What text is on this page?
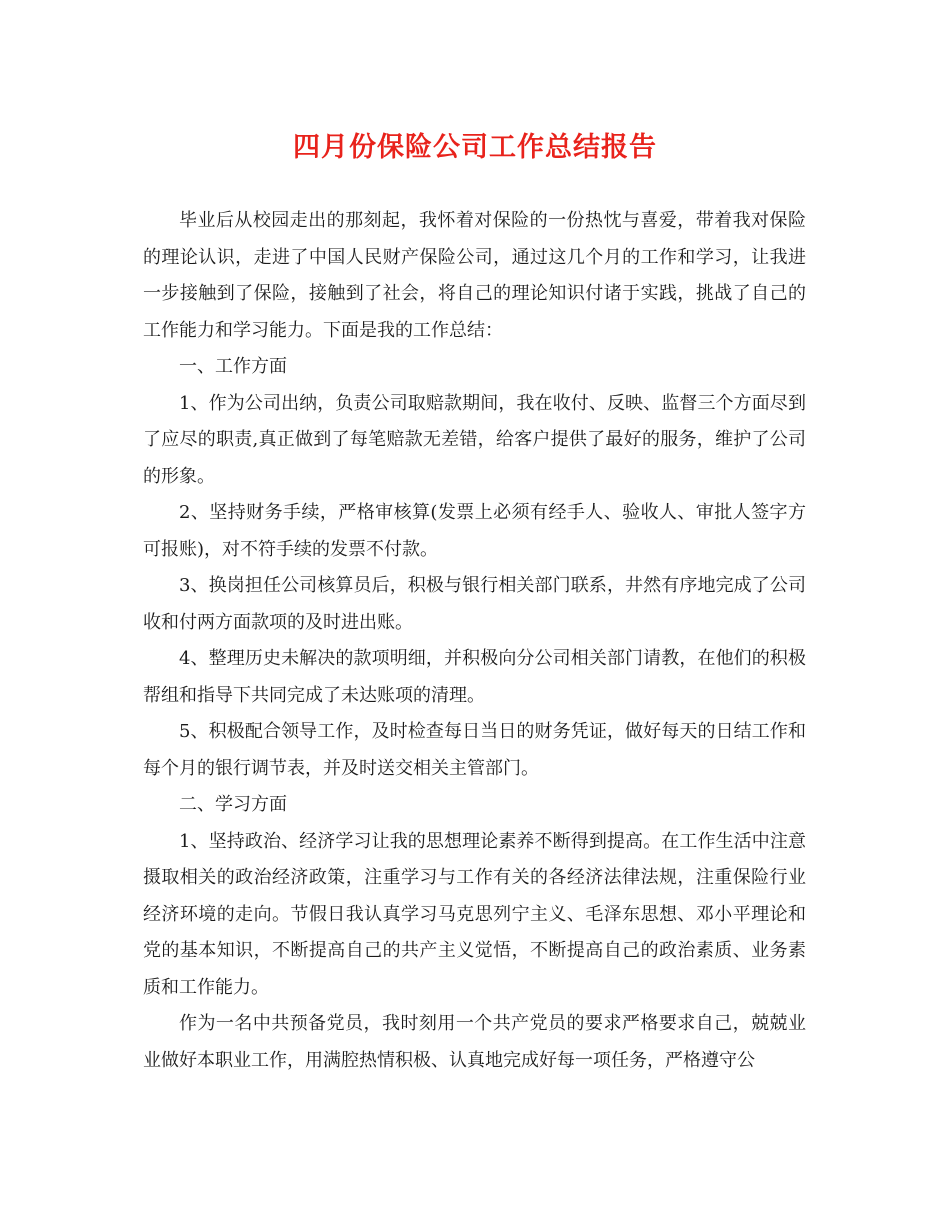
四月份保险公司工作总结报告

毕业后从校园走出的那刻起，我怀着对保险的一份热忱与喜爱，带着我对保险的理论认识，走进了中国人民财产保险公司，通过这几个月的工作和学习，让我进一步接触到了保险，接触到了社会，将自己的理论知识付诸于实践，挑战了自己的工作能力和学习能力。下面是我的工作总结：

一、工作方面

1、作为公司出纳，负责公司取赔款期间，我在收付、反映、监督三个方面尽到了应尽的职责,真正做到了每笔赔款无差错，给客户提供了最好的服务，维护了公司的形象。

2、坚持财务手续，严格审核算(发票上必须有经手人、验收人、审批人签字方可报账)，对不符手续的发票不付款。

3、换岗担任公司核算员后，积极与银行相关部门联系，井然有序地完成了公司收和付两方面款项的及时进出账。

4、整理历史未解决的款项明细，并积极向分公司相关部门请教，在他们的积极帮组和指导下共同完成了未达账项的清理。

5、积极配合领导工作，及时检查每日当日的财务凭证，做好每天的日结工作和每个月的银行调节表，并及时送交相关主管部门。

二、学习方面

1、坚持政治、经济学习让我的思想理论素养不断得到提高。在工作生活中注意摄取相关的政治经济政策，注重学习与工作有关的各经济法律法规，注重保险行业经济环境的走向。节假日我认真学习马克思列宁主义、毛泽东思想、邓小平理论和党的基本知识，不断提高自己的共产主义觉悟，不断提高自己的政治素质、业务素质和工作能力。

作为一名中共预备党员，我时刻用一个共产党员的要求严格要求自己，兢兢业业做好本职业工作，用满腔热情积极、认真地完成好每一项任务，严格遵守公
